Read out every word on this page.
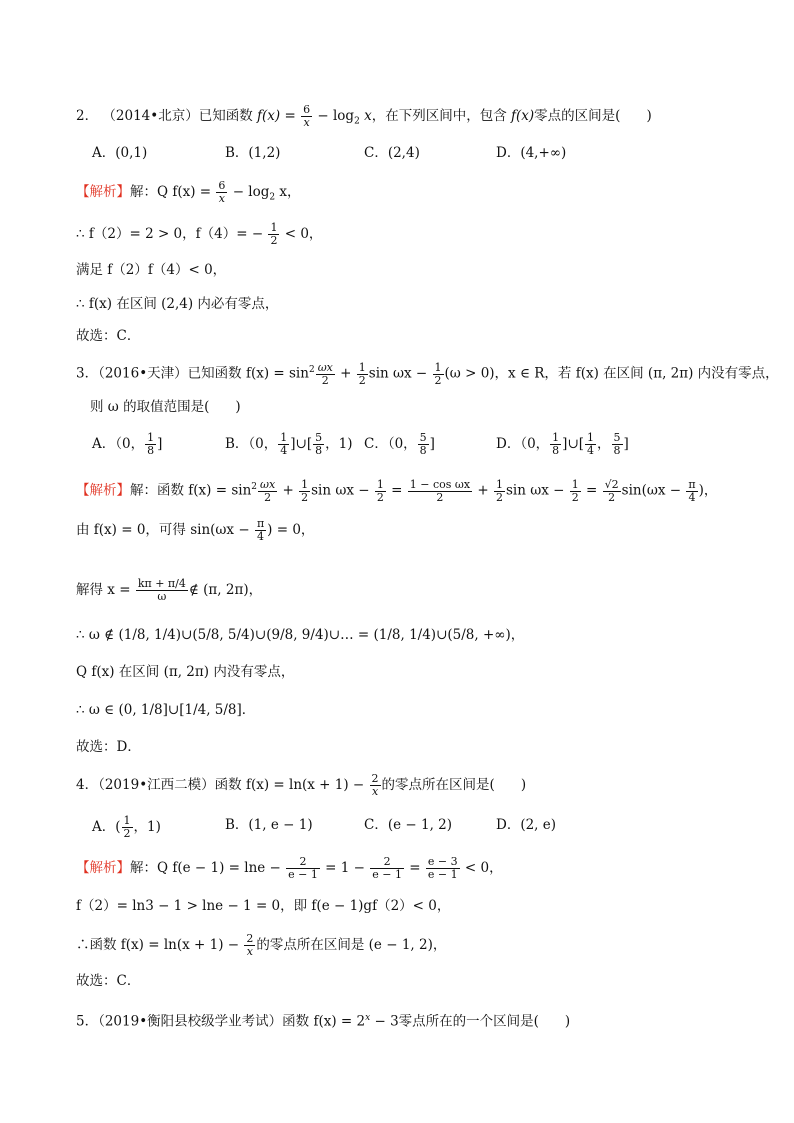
2． （2014•北京）已知函数 $f(x) = \frac{6}{x} - \log_2 x$，在下列区间中，包含 f(x)零点的区间是( )
A．(0,1)	B．(1,2)	C．(2,4)	D．(4,+∞)
【解析】解：Q $f(x) = \frac{6}{x} - \log_2 x$，
∴ f（2）= 2 > 0，$f(4)= - \frac{1}{2} < 0$，
满足 f（2）f（4）< 0，
∴ f(x) 在区间 (2,4) 内必有零点，
故选：C．
3．（2016•天津）已知函数 $f(x) = \sin^2 \frac{\omega x}{2} + \frac{1}{2}$ $\sin \omega x - \frac{1}{2} (\omega > 0)$，x ∈ R，若 f(x) 在区间 (π, 2π) 内没有零点，
则 ω 的取值范围是( )
A．（0， $\frac{1}{8}$ ]	B．（0， $\frac{1}{4}$ ]∪[ $\frac{5}{8}$ ，1) C．（0， $\frac{5}{8}$ ]	D．（0， $\frac{1}{8}$ ]∪[ $\frac{1}{4}$ ， $\frac{5}{8}$ ]
【解析】解：函数 $f(x) = \sin^2 \frac{\omega x}{2} + \frac{1}{2}$ $\sin \omega x - \frac{1}{2} = \frac{\text{1 − cos ωx}}{2} + \frac{1}{2}$ $\sin \omega x - \frac{1}{2} = \frac{√2}{2} \sin(\omega x - \frac{\pi}{4}$ )，
由 f(x) = 0，可得 $\sin(\omega x - \frac{\pi}{4}$ ) = 0，
解得 $x = \frac{k\pi + \pi/4}{\omega}$ ∉ (π, 2π)，
∴ ω ∉ (1/8, 1/4)∪(5/8, 5/4)∪(9/8, 9/4)∪… = (1/8, 1/4)∪(5/8, +∞)，
Q f(x) 在区间 (π, 2π) 内没有零点，
∴ ω ∈ (0, 1/8]∪[1/4, 5/8]．
故选：D．
4．（2019•江西二模）函数 $f(x) = \ln(x + 1) - \frac{2}{x}$ 的零点所在区间是( )
A．( $\frac{1}{2}$ ，1)	B．(1, e − 1)	C．(e − 1, 2)	D．(2, e)
【解析】解：Q $f(e - 1) = \ln e - \frac{2}{e - 1} = 1 - \frac{2}{e - 1} = \frac{e - 3}{e - 1} < 0$，
f（2）= ln3 − 1 > lne − 1 = 0，即 f(e − 1)gf（2）< 0，
∴函数 $f(x) = \ln(x + 1) - \frac{2}{x}$ 的零点所在区间是 (e − 1, 2)，
故选：C．
5．（2019•衡阳县校级学业考试）函数 $f(x) = 2^x - 3$零点所在的一个区间是( )
